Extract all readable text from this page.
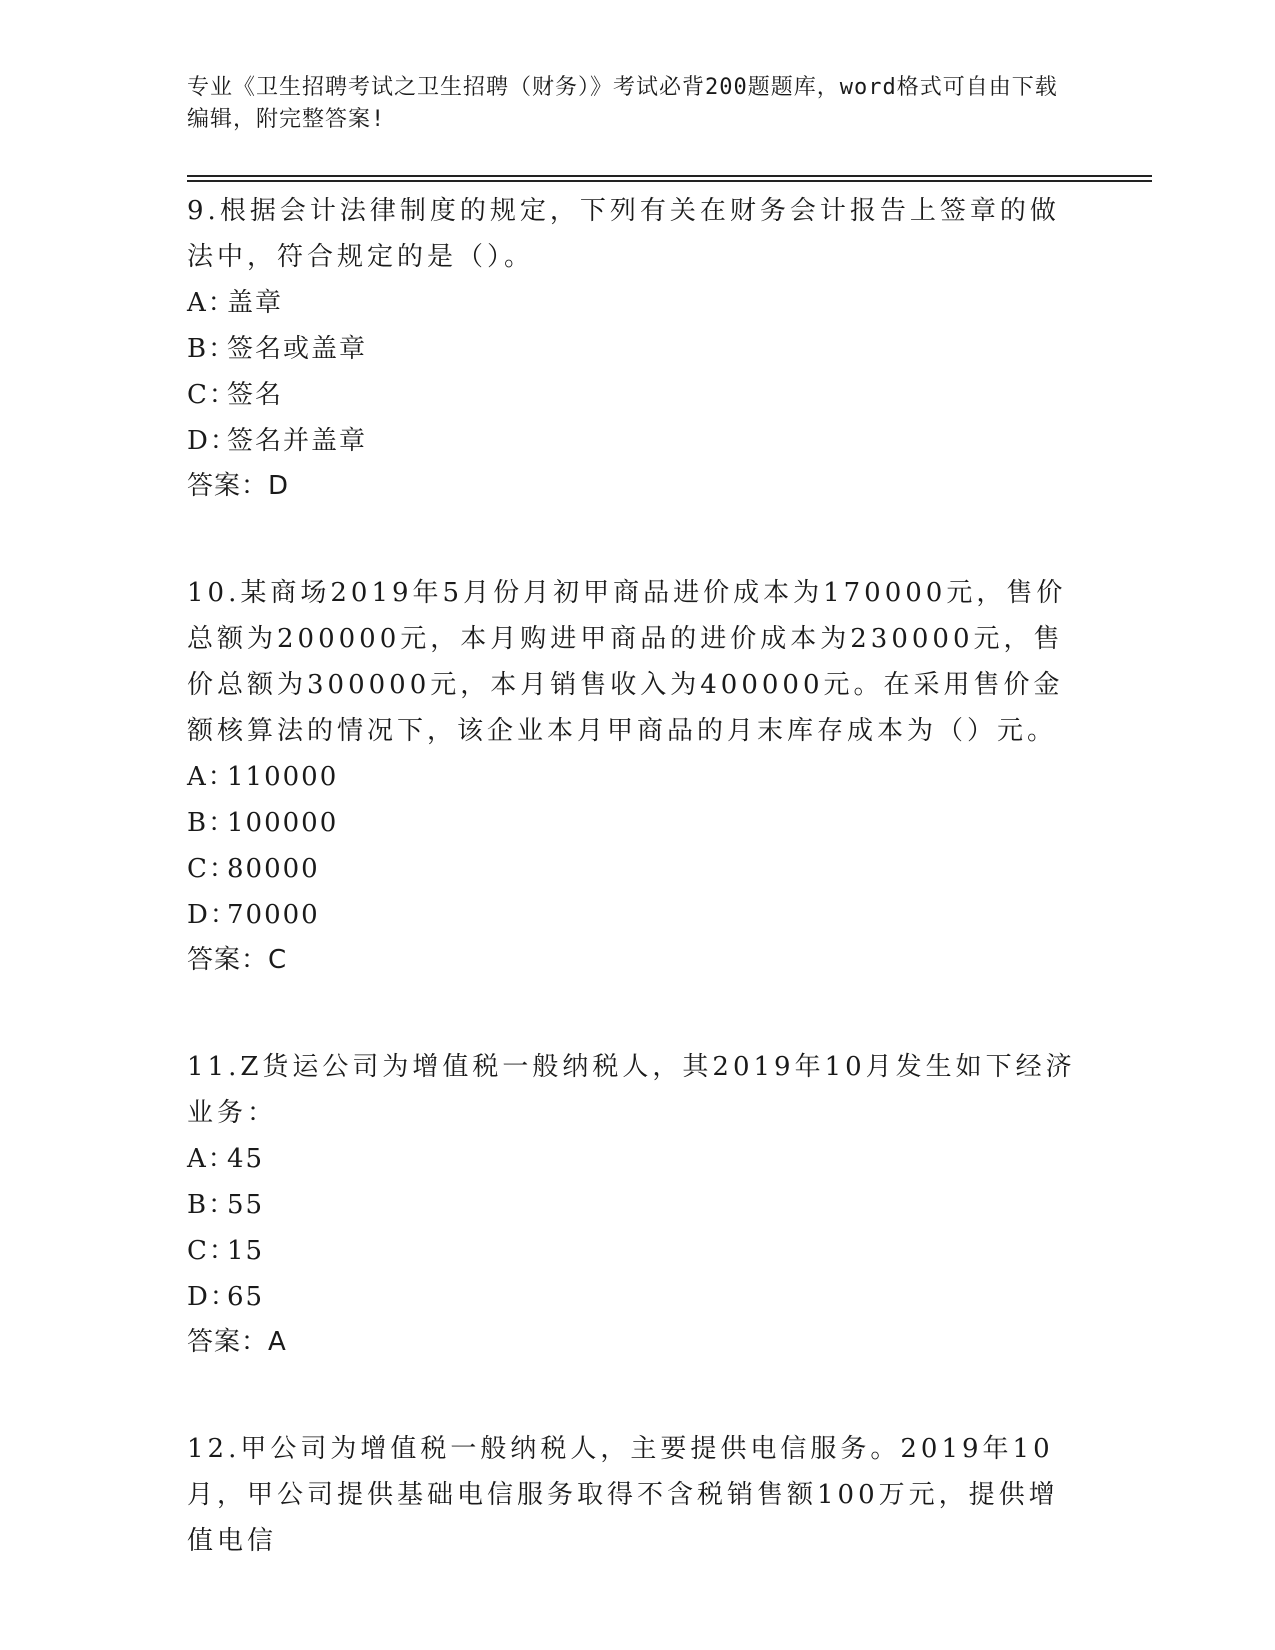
专业《卫生招聘考试之卫生招聘（财务）》考试必背200题题库，word格式可自由下载编辑，附完整答案!

9.根据会计法律制度的规定，下列有关在财务会计报告上签章的做法中，符合规定的是（）。

A：盖章

B：签名或盖章

C：签名

D：签名并盖章

答案：D

10.某商场2019年5月份月初甲商品进价成本为170000元，售价总额为200000元，本月购进甲商品的进价成本为230000元，售价总额为300000元，本月销售收入为400000元。在采用售价金额核算法的情况下，该企业本月甲商品的月末库存成本为（）元。

A：110000

B：100000

C：80000

D：70000

答案：C

11.Z货运公司为增值税一般纳税人，其2019年10月发生如下经济业务：

A：45

B：55

C：15

D：65

答案：A

12.甲公司为增值税一般纳税人，主要提供电信服务。2019年10月，甲公司提供基础电信服务取得不含税销售额100万元，提供增值电信
